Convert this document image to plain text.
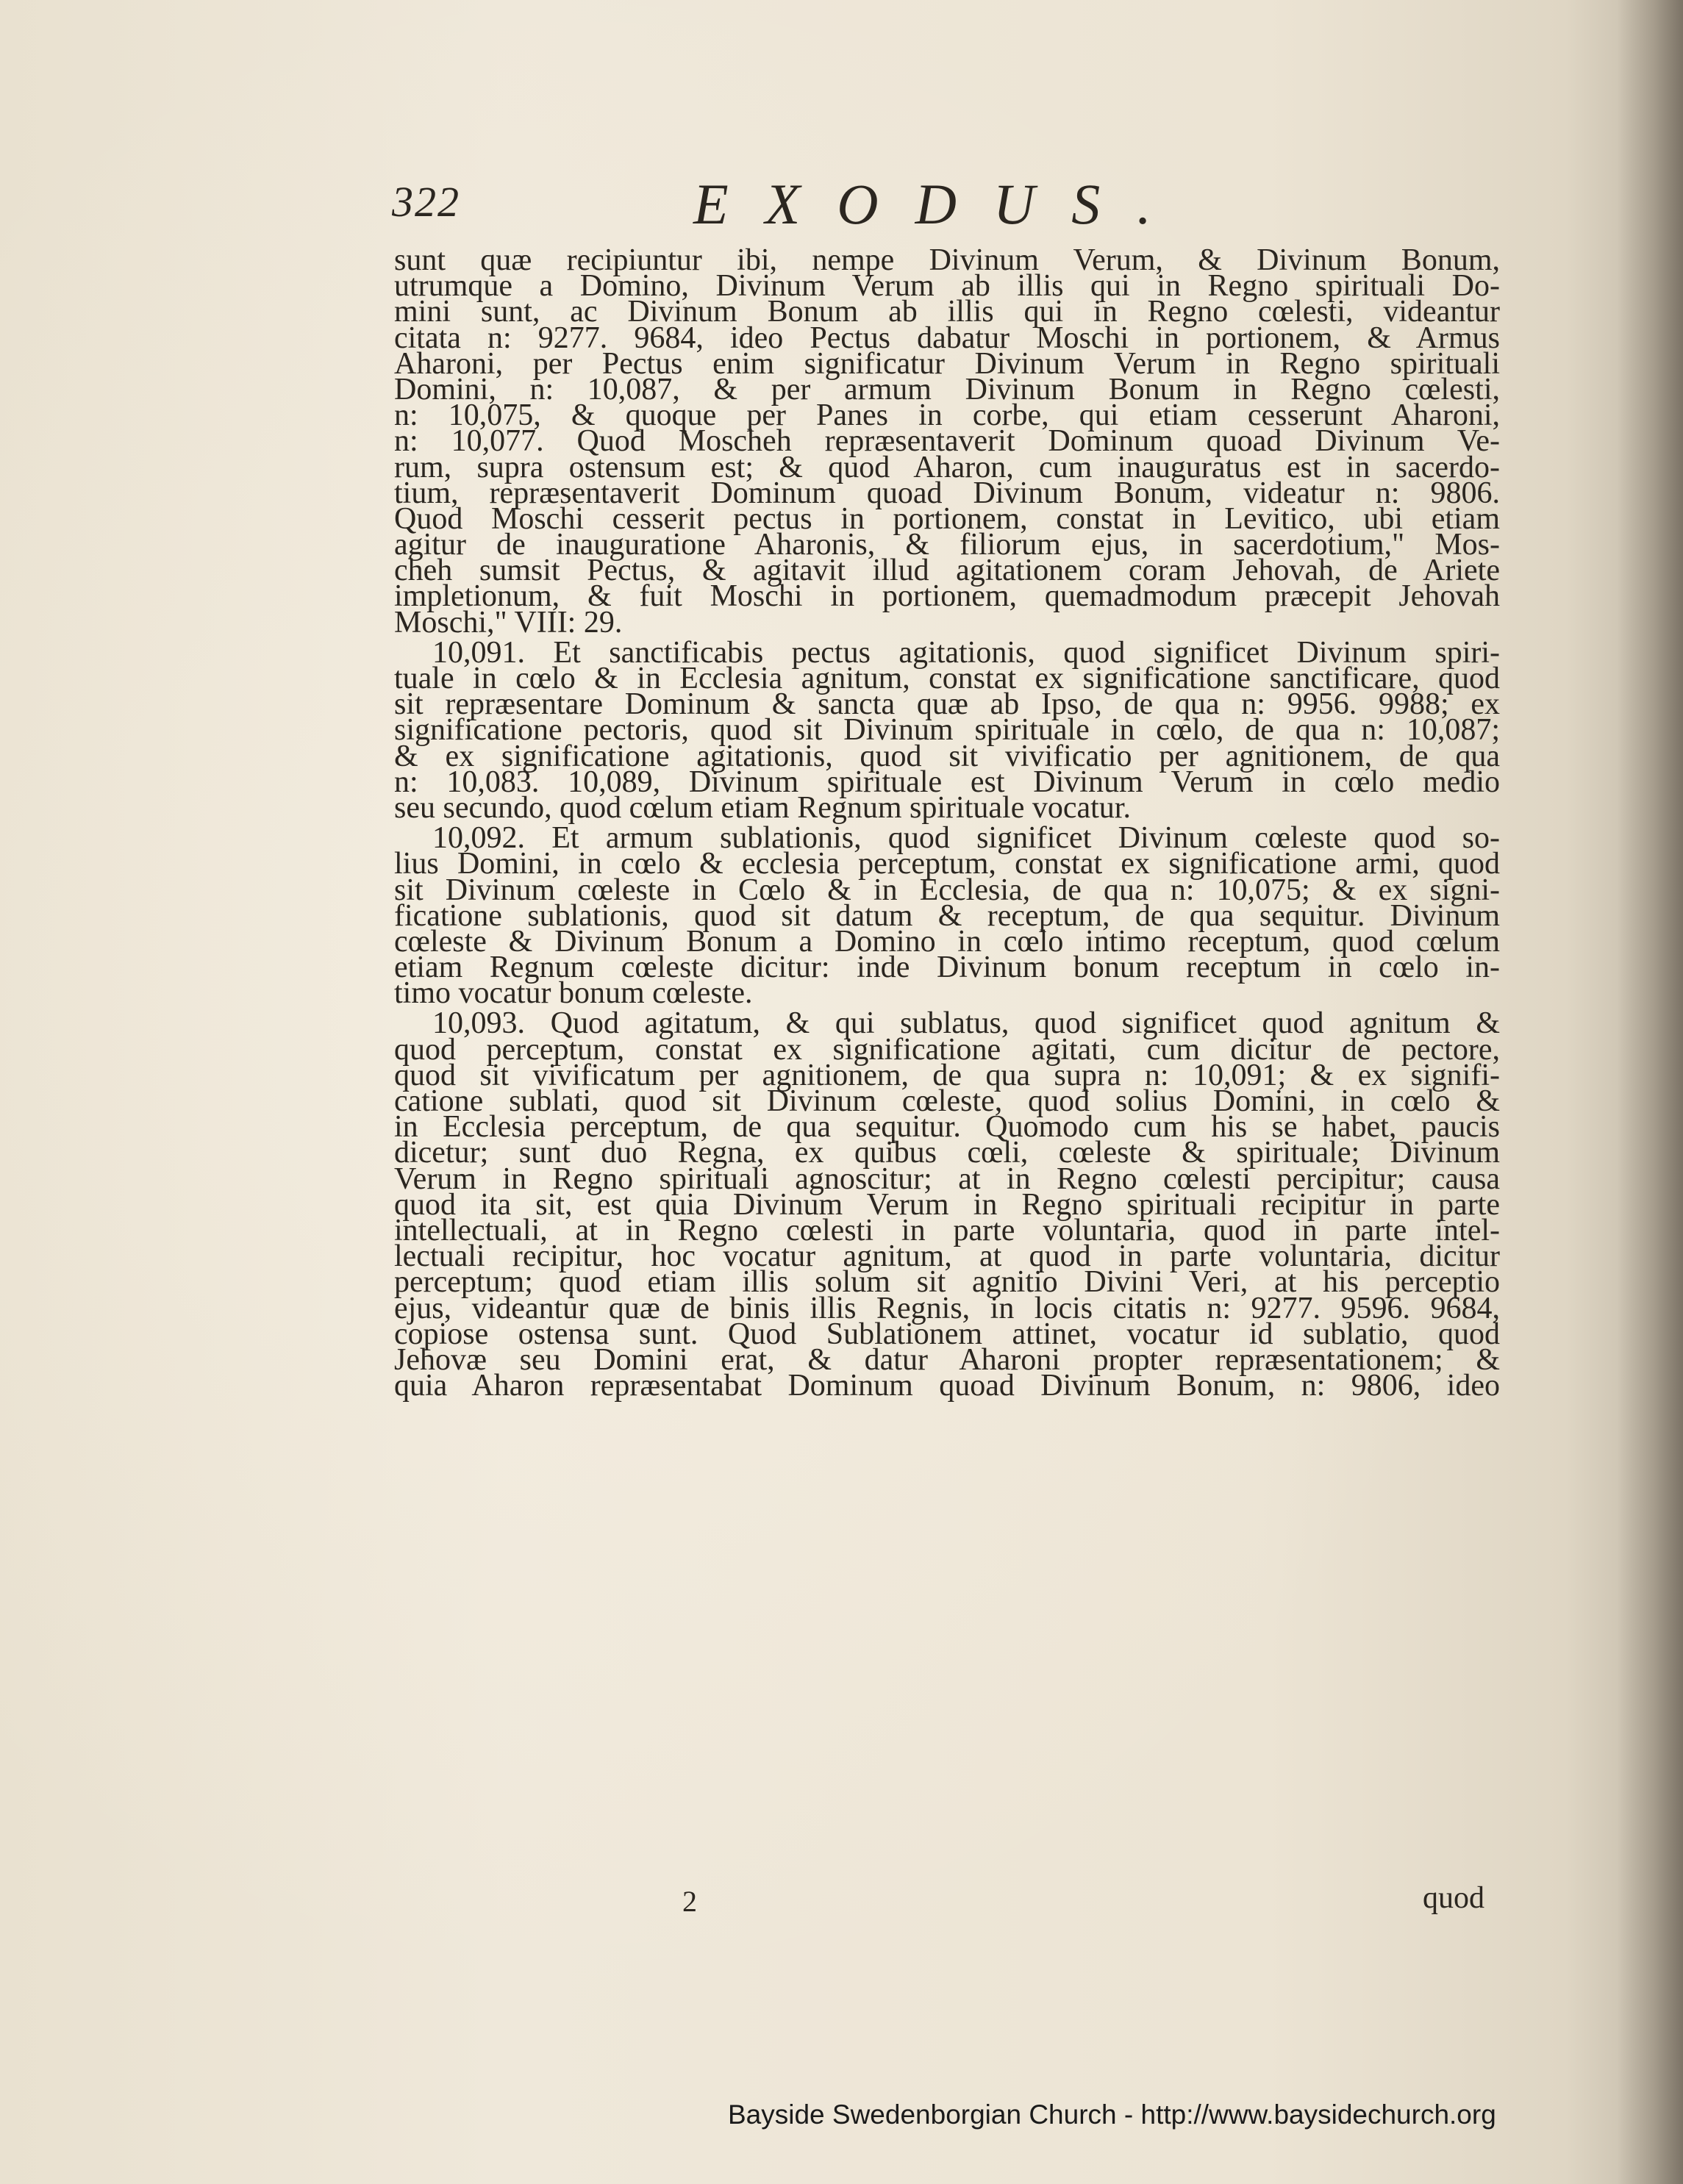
322	EXODUS.
sunt quæ recipiuntur ibi, nempe Divinum Verum, & Divinum Bonum,
utrumque a Domino, Divinum Verum ab illis qui in Regno spirituali Do-
mini sunt, ac Divinum Bonum ab illis qui in Regno cœlesti, videantur
citata n: 9277. 9684, ideo Pectus dabatur Moschi in portionem, & Armus
Aharoni, per Pectus enim significatur Divinum Verum in Regno spirituali
Domini, n: 10,087, & per armum Divinum Bonum in Regno cœlesti,
n: 10,075, & quoque per Panes in corbe, qui etiam cesserunt Aharoni,
n: 10,077. Quod Moscheh repræsentaverit Dominum quoad Divinum Ve-
rum, supra ostensum est; & quod Aharon, cum inauguratus est in sacerdo-
tium, repræsentaverit Dominum quoad Divinum Bonum, videatur n: 9806.
Quod Moschi cesserit pectus in portionem, constat in Levitico, ubi etiam
agitur de inauguratione Aharonis, & filiorum ejus, in sacerdotium," Mos-
cheh sumsit Pectus, & agitavit illud agitationem coram Jehovah, de Ariete
impletionum, & fuit Moschi in portionem, quemadmodum præcepit Jehovah
Moschi," VIII: 29.
10,091. Et sanctificabis pectus agitationis, quod significet Divinum spiri-
tuale in cœlo & in Ecclesia agnitum, constat ex significatione sanctificare, quod
sit repræsentare Dominum & sancta quæ ab Ipso, de qua n: 9956. 9988; ex
significatione pectoris, quod sit Divinum spirituale in cœlo, de qua n: 10,087;
& ex significatione agitationis, quod sit vivificatio per agnitionem, de qua
n: 10,083. 10,089, Divinum spirituale est Divinum Verum in cœlo medio
seu secundo, quod cœlum etiam Regnum spirituale vocatur.
10,092. Et armum sublationis, quod significet Divinum cœleste quod so-
lius Domini, in cœlo & ecclesia perceptum, constat ex significatione armi, quod
sit Divinum cœleste in Cœlo & in Ecclesia, de qua n: 10,075; & ex signi-
ficatione sublationis, quod sit datum & receptum, de qua sequitur. Divinum
cœleste & Divinum Bonum a Domino in cœlo intimo receptum, quod cœlum
etiam Regnum cœleste dicitur: inde Divinum bonum receptum in cœlo in-
timo vocatur bonum cœleste.
10,093. Quod agitatum, & qui sublatus, quod significet quod agnitum &
quod perceptum, constat ex significatione agitati, cum dicitur de pectore,
quod sit vivificatum per agnitionem, de qua supra n: 10,091; & ex signifi-
catione sublati, quod sit Divinum cœleste, quod solius Domini, in cœlo &
in Ecclesia perceptum, de qua sequitur. Quomodo cum his se habet, paucis
dicetur; sunt duo Regna, ex quibus cœli, cœleste & spirituale; Divinum
Verum in Regno spirituali agnoscitur; at in Regno cœlesti percipitur; causa
quod ita sit, est quia Divinum Verum in Regno spirituali recipitur in parte
intellectuali, at in Regno cœlesti in parte voluntaria, quod in parte intel-
lectuali recipitur, hoc vocatur agnitum, at quod in parte voluntaria, dicitur
perceptum; quod etiam illis solum sit agnitio Divini Veri, at his perceptio
ejus, videantur quæ de binis illis Regnis, in locis citatis n: 9277. 9596. 9684,
copiose ostensa sunt. Quod Sublationem attinet, vocatur id sublatio, quod
Jehovæ seu Domini erat, & datur Aharoni propter repræsentationem; &
quia Aharon repræsentabat Dominum quoad Divinum Bonum, n: 9806, ideo
2	quod
Bayside Swedenborgian Church - http://www.baysidechurch.org
